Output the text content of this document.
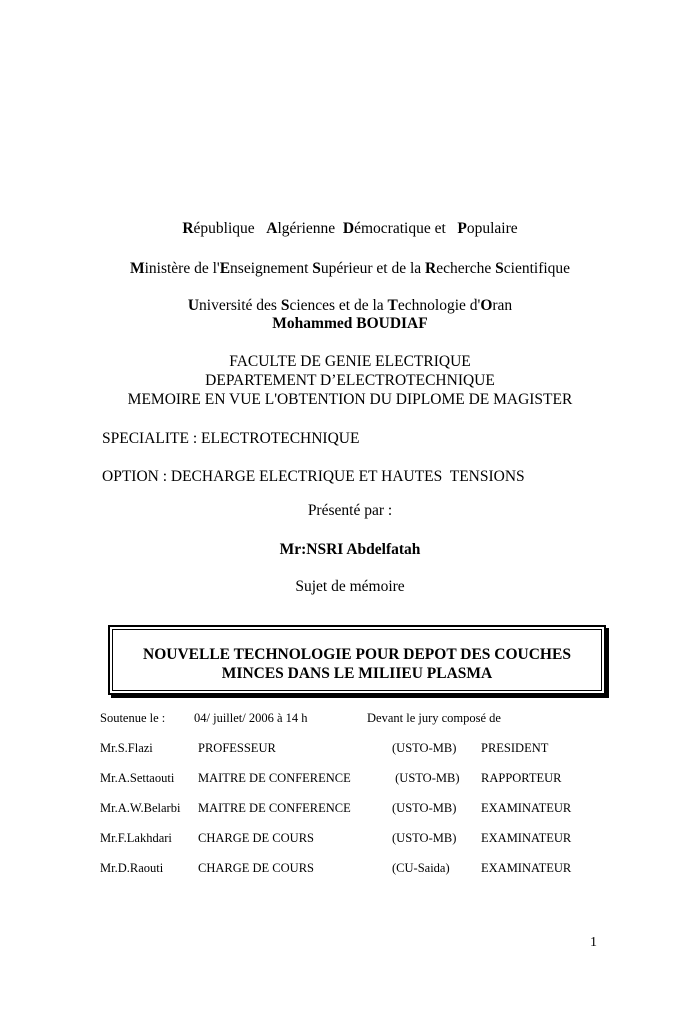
République Algérienne Démocratique et Populaire
Ministère de l'Enseignement Supérieur et de la Recherche Scientifique
Université des Sciences et de la Technologie d'Oran
Mohammed BOUDIAF
FACULTE DE GENIE ELECTRIQUE
DEPARTEMENT D’ELECTROTECHNIQUE
MEMOIRE EN VUE L'OBTENTION DU DIPLOME DE MAGISTER
SPECIALITE : ELECTROTECHNIQUE
OPTION : DECHARGE ELECTRIQUE ET HAUTES  TENSIONS
Présenté par :
Mr:NSRI Abdelfatah
Sujet de mémoire
NOUVELLE TECHNOLOGIE POUR DEPOT DES COUCHES
MINCES DANS LE MILIIEU PLASMA
Soutenue le : 04/ juillet/ 2006 à 14 h	Devant le jury composé de
Mr.S.Flazi	PROFESSEUR	(USTO-MB) PRESIDENT
Mr.A.Settaouti MAITRE DE CONFERENCE	(USTO-MB) RAPPORTEUR
Mr.A.W.Belarbi MAITRE DE CONFERENCE	(USTO-MB) EXAMINATEUR
Mr.F.Lakhdari CHARGE DE COURS	(USTO-MB) EXAMINATEUR
Mr.D.Raouti	CHARGE DE COURS	(CU-Saida)	EXAMINATEUR
1
